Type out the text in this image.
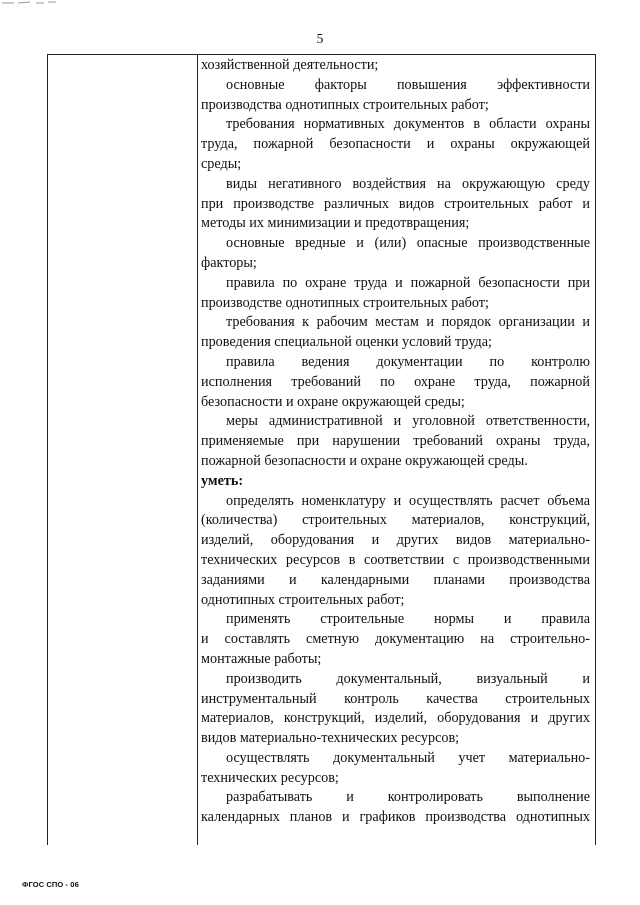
5
хозяйственной деятельности;
основные факторы повышения эффективности
производства однотипных строительных работ;
требования нормативных документов в области охраны
труда, пожарной безопасности и охраны окружающей
среды;
виды негативного воздействия на окружающую среду
при производстве различных видов строительных работ и
методы их минимизации и предотвращения;
основные вредные и (или) опасные производственные
факторы;
правила по охране труда и пожарной безопасности при
производстве однотипных строительных работ;
требования к рабочим местам и порядок организации и
проведения специальной оценки условий труда;
правила ведения документации по контролю
исполнения требований по охране труда, пожарной
безопасности и охране окружающей среды;
меры административной и уголовной ответственности,
применяемые при нарушении требований охраны труда,
пожарной безопасности и охране окружающей среды.
уметь:
определять номенклатуру и осуществлять расчет объема
(количества) строительных материалов, конструкций,
изделий, оборудования и других видов материально-
технических ресурсов в соответствии с производственными
заданиями и календарными планами производства
однотипных строительных работ;
применять строительные нормы и правила
и составлять сметную документацию на строительно-
монтажные работы;
производить документальный, визуальный и
инструментальный контроль качества строительных
материалов, конструкций, изделий, оборудования и других
видов материально-технических ресурсов;
осуществлять документальный учет материально-
технических ресурсов;
разрабатывать и контролировать выполнение
календарных планов и графиков производства однотипных
ФГОС СПО - 06
